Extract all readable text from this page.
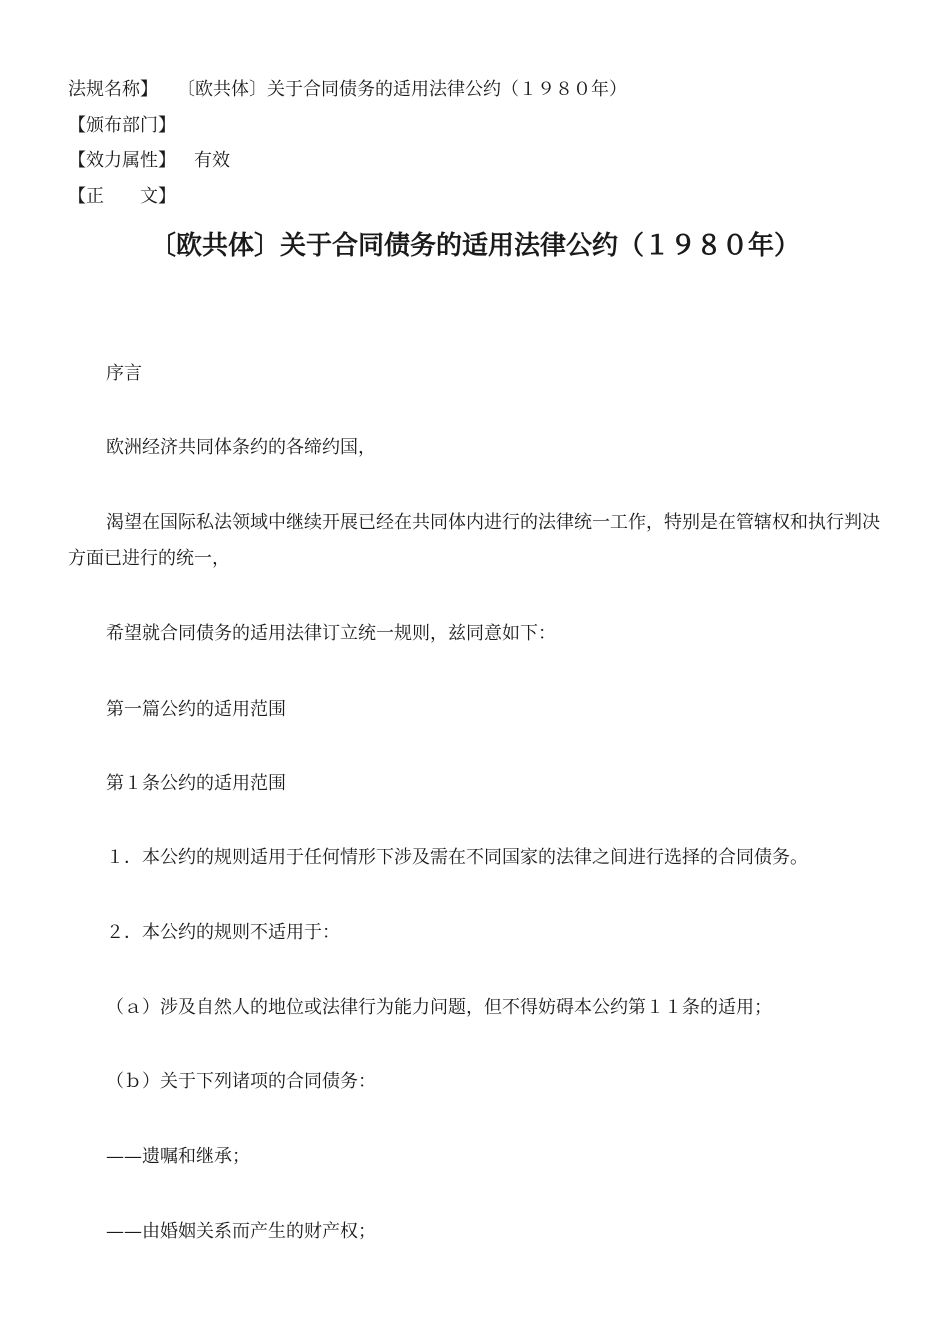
法规名称】 〔欧共体〕关于合同债务的适用法律公约（１９８０年）
【颁布部门】
【效力属性】 有效
【正　　文】
〔欧共体〕关于合同债务的适用法律公约（１９８０年）
序言
欧洲经济共同体条约的各缔约国，
渴望在国际私法领域中继续开展已经在共同体内进行的法律统一工作，特别是在管辖权和执行判决方面已进行的统一，
希望就合同债务的适用法律订立统一规则，兹同意如下：
第一篇公约的适用范围
第１条公约的适用范围
１．本公约的规则适用于任何情形下涉及需在不同国家的法律之间进行选择的合同债务。
２．本公约的规则不适用于：
（ａ）涉及自然人的地位或法律行为能力问题，但不得妨碍本公约第１１条的适用；
（ｂ）关于下列诸项的合同债务：
——遗嘱和继承；
——由婚姻关系而产生的财产权；
